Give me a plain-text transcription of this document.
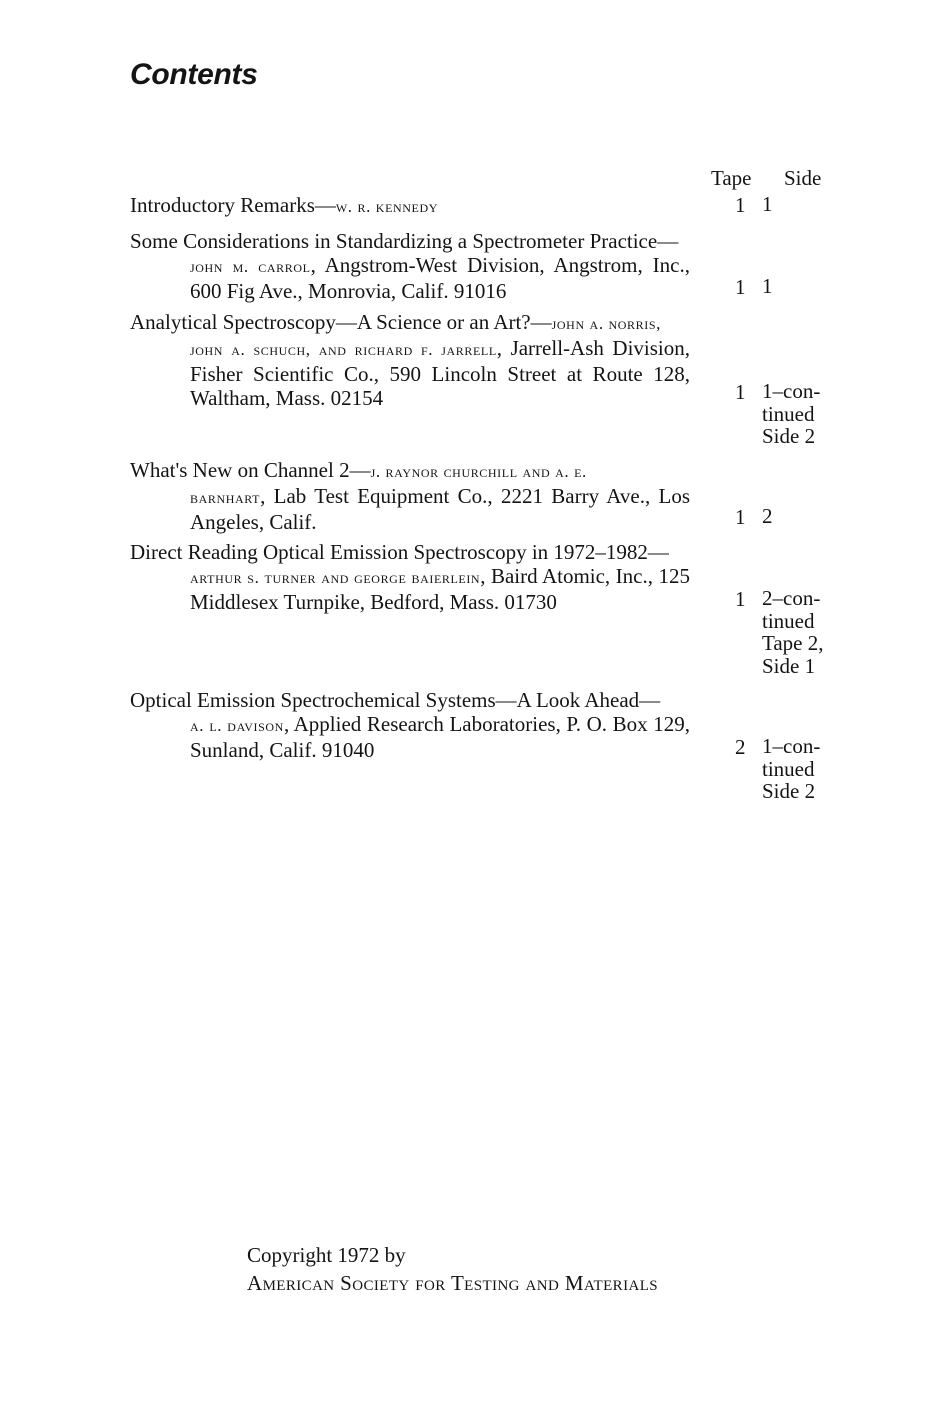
Contents
Tape Side
Introductory Remarks—w. r. kennedy	1 1
Some Considerations in Standardizing a Spectrometer Practice—
john m. carrol, Angstrom-West Division, Angstrom, Inc., 600 Fig Ave., Monrovia, Calif. 91016	1 1
Analytical Spectroscopy—A Science or an Art?—john a. norris,
john a. schuch, and richard f. jarrell, Jarrell-Ash Division, Fisher Scientific Co., 590 Lincoln Street at Route 128, Waltham, Mass. 02154	1 1–con-
tinued
Side 2
What's New on Channel 2—j. raynor churchill and a. e.
barnhart, Lab Test Equipment Co., 2221 Barry Ave., Los Angeles, Calif.	1 2
Direct Reading Optical Emission Spectroscopy in 1972–1982—
arthur s. turner and george baierlein, Baird Atomic, Inc., 125 Middlesex Turnpike, Bedford, Mass. 01730	1 2–con-
tinued
Tape 2,
Side 1
Optical Emission Spectrochemical Systems—A Look Ahead—
a. l. davison, Applied Research Laboratories, P. O. Box 129, Sunland, Calif. 91040	2 1–con-
tinued
Side 2
Copyright 1972 by
American Society for Testing and Materials
